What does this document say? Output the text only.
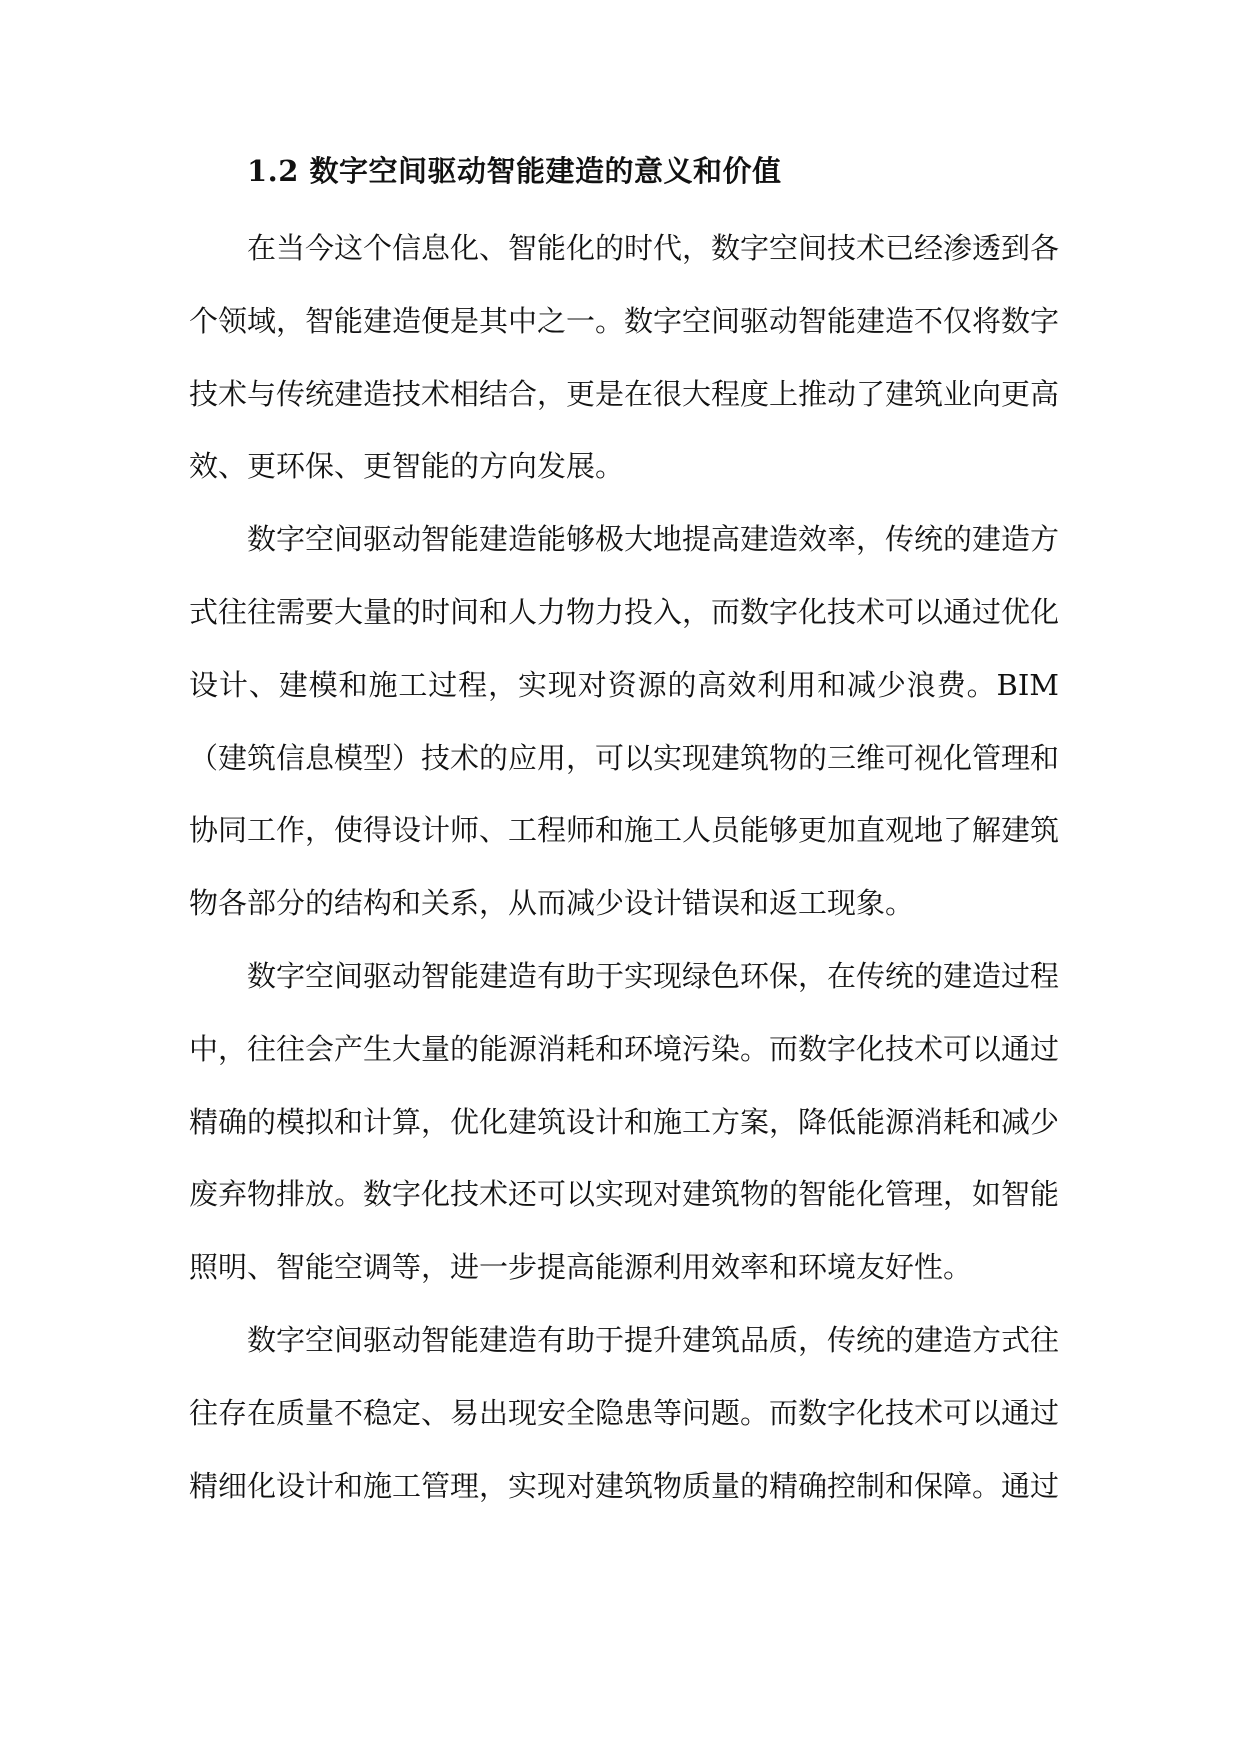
1.2 数字空间驱动智能建造的意义和价值

在当今这个信息化、智能化的时代，数字空间技术已经渗透到各个领域，智能建造便是其中之一。数字空间驱动智能建造不仅将数字技术与传统建造技术相结合，更是在很大程度上推动了建筑业向更高效、更环保、更智能的方向发展。

数字空间驱动智能建造能够极大地提高建造效率，传统的建造方式往往需要大量的时间和人力物力投入，而数字化技术可以通过优化设计、建模和施工过程，实现对资源的高效利用和减少浪费。BIM（建筑信息模型）技术的应用，可以实现建筑物的三维可视化管理和协同工作，使得设计师、工程师和施工人员能够更加直观地了解建筑物各部分的结构和关系，从而减少设计错误和返工现象。

数字空间驱动智能建造有助于实现绿色环保，在传统的建造过程中，往往会产生大量的能源消耗和环境污染。而数字化技术可以通过精确的模拟和计算，优化建筑设计和施工方案，降低能源消耗和减少废弃物排放。数字化技术还可以实现对建筑物的智能化管理，如智能照明、智能空调等，进一步提高能源利用效率和环境友好性。

数字空间驱动智能建造有助于提升建筑品质，传统的建造方式往往存在质量不稳定、易出现安全隐患等问题。而数字化技术可以通过精细化设计和施工管理，实现对建筑物质量的精确控制和保障。通过
